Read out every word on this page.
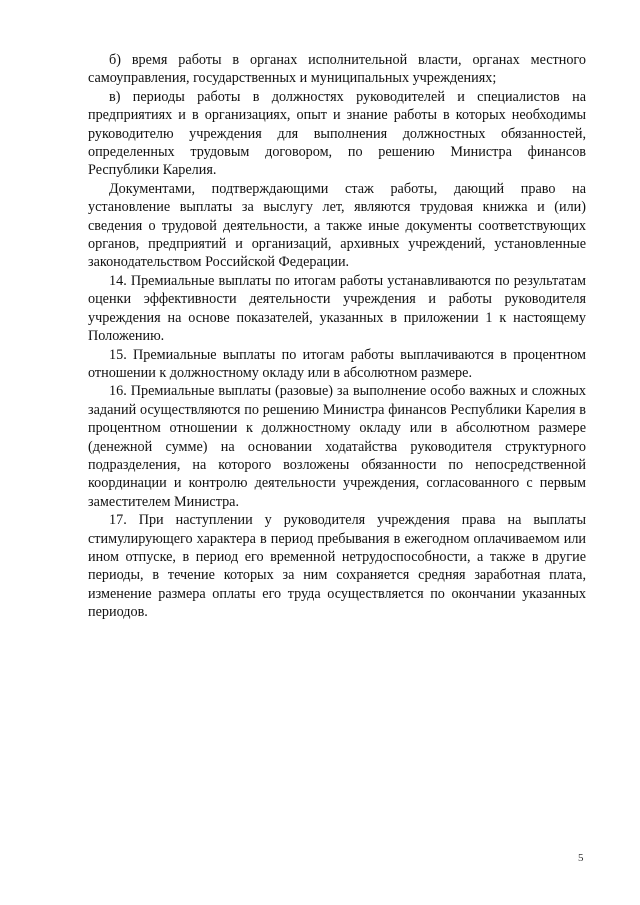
б) время работы в органах исполнительной власти, органах местного самоуправления, государственных и муниципальных учреждениях;

в) периоды работы в должностях руководителей и специалистов на предприятиях и в организациях, опыт и знание работы в которых необходимы руководителю учреждения для выполнения должностных обязанностей, определенных трудовым договором, по решению Министра финансов Республики Карелия.

Документами, подтверждающими стаж работы, дающий право на установление выплаты за выслугу лет, являются трудовая книжка и (или) сведения о трудовой деятельности, а также иные документы соответствующих органов, предприятий и организаций, архивных учреждений, установленные законодательством Российской Федерации.

14. Премиальные выплаты по итогам работы устанавливаются по результатам оценки эффективности деятельности учреждения и работы руководителя учреждения на основе показателей, указанных в приложении 1 к настоящему Положению.

15. Премиальные выплаты по итогам работы выплачиваются в процентном отношении к должностному окладу или в абсолютном размере.

16. Премиальные выплаты (разовые) за выполнение особо важных и сложных заданий осуществляются по решению Министра финансов Республики Карелия в процентном отношении к должностному окладу или в абсолютном размере (денежной сумме) на основании ходатайства руководителя структурного подразделения, на которого возложены обязанности по непосредственной координации и контролю деятельности учреждения, согласованного с первым заместителем Министра.

17. При наступлении у руководителя учреждения права на выплаты стимулирующего характера в период пребывания в ежегодном оплачиваемом или ином отпуске, в период его временной нетрудоспособности, а также в другие периоды, в течение которых за ним сохраняется средняя заработная плата, изменение размера оплаты его труда осуществляется по окончании указанных периодов.

5
